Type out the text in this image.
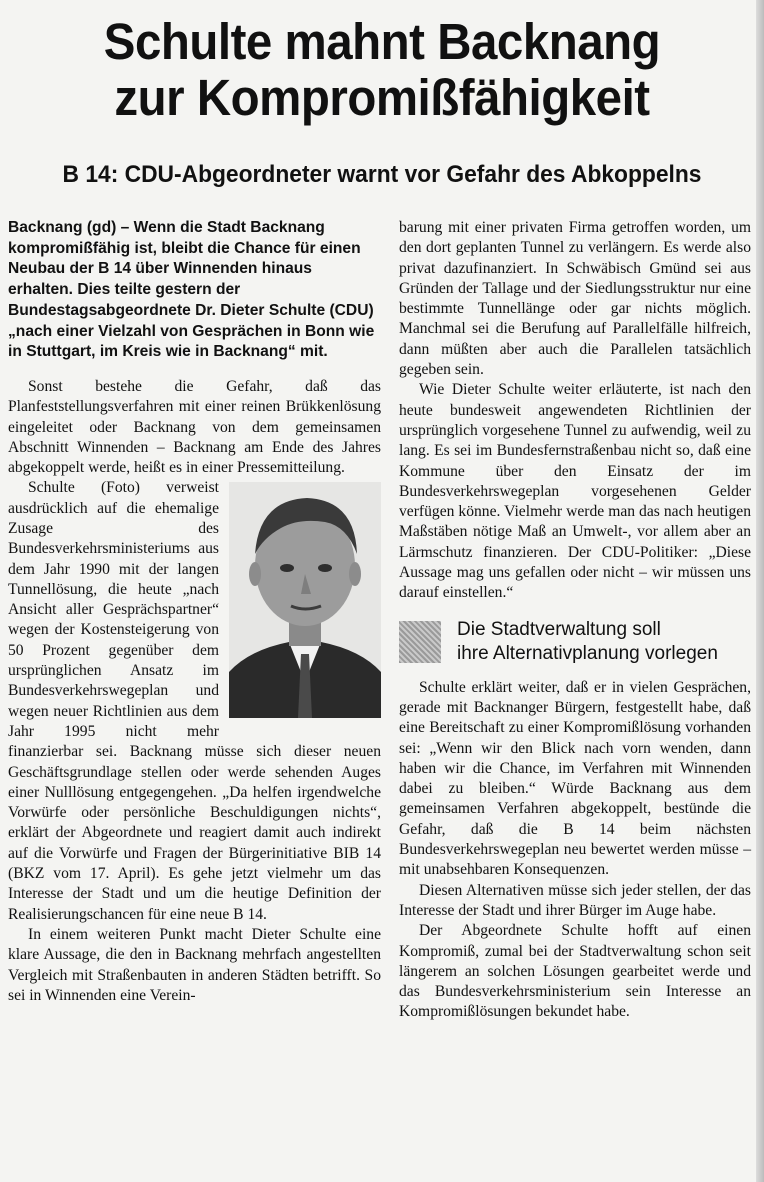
Schulte mahnt Backnang
zur Kompromißfähigkeit
B 14: CDU-Abgeordneter warnt vor Gefahr des Abkoppelns

Backnang (gd) – Wenn die Stadt Backnang kompromißfähig ist, bleibt die Chance für einen Neubau der B 14 über Winnenden hinaus erhalten. Dies teilte gestern der Bundestagsabgeordnete Dr. Dieter Schulte (CDU) „nach einer Vielzahl von Gesprächen in Bonn wie in Stuttgart, im Kreis wie in Backnang“ mit.

Sonst bestehe die Gefahr, daß das Planfeststellungsverfahren mit einer reinen Brükkenlösung eingeleitet oder Backnang von dem gemeinsamen Abschnitt Winnenden – Backnang am Ende des Jahres abgekoppelt werde, heißt es in einer Pressemitteilung.

Schulte (Foto) verweist ausdrücklich auf die ehemalige Zusage des Bundesverkehrsministeriums aus dem Jahr 1990 mit der langen Tunnellösung, die heute „nach Ansicht aller Gesprächspartner“ wegen der Kostensteigerung von 50 Prozent gegenüber dem ursprünglichen Ansatz im Bundesverkehrswegeplan und wegen neuer Richtlinien aus dem Jahr 1995 nicht mehr finanzierbar sei. Backnang müsse sich dieser neuen Geschäftsgrundlage stellen oder werde sehenden Auges einer Nulllösung entgegengehen. „Da helfen irgendwelche Vorwürfe oder persönliche Beschuldigungen nichts“, erklärt der Abgeordnete und reagiert damit auch indirekt auf die Vorwürfe und Fragen der Bürgerinitiative BIB 14 (BKZ vom 17. April). Es gehe jetzt vielmehr um das Interesse der Stadt und um die heutige Definition der Realisierungschancen für eine neue B 14.

In einem weiteren Punkt macht Dieter Schulte eine klare Aussage, die den in Backnang mehrfach angestellten Vergleich mit Straßenbauten in anderen Städten betrifft. So sei in Winnenden eine Verein-

barung mit einer privaten Firma getroffen worden, um den dort geplanten Tunnel zu verlängern. Es werde also privat dazufinanziert. In Schwäbisch Gmünd sei aus Gründen der Tallage und der Siedlungsstruktur nur eine bestimmte Tunnellänge oder gar nichts möglich. Manchmal sei die Berufung auf Parallelfälle hilfreich, dann müßten aber auch die Parallelen tatsächlich gegeben sein.

Wie Dieter Schulte weiter erläuterte, ist nach den heute bundesweit angewendeten Richtlinien der ursprünglich vorgesehene Tunnel zu aufwendig, weil zu lang. Es sei im Bundesfernstraßenbau nicht so, daß eine Kommune über den Einsatz der im Bundesverkehrswegeplan vorgesehenen Gelder verfügen könne. Vielmehr werde man das nach heutigen Maßstäben nötige Maß an Umwelt-, vor allem aber an Lärmschutz finanzieren. Der CDU-Politiker: „Diese Aussage mag uns gefallen oder nicht – wir müssen uns darauf einstellen.“

Die Stadtverwaltung soll
ihre Alternativplanung vorlegen

Schulte erklärt weiter, daß er in vielen Gesprächen, gerade mit Backnanger Bürgern, festgestellt habe, daß eine Bereitschaft zu einer Kompromißlösung vorhanden sei: „Wenn wir den Blick nach vorn wenden, dann haben wir die Chance, im Verfahren mit Winnenden dabei zu bleiben.“ Würde Backnang aus dem gemeinsamen Verfahren abgekoppelt, bestünde die Gefahr, daß die B 14 beim nächsten Bundesverkehrswegeplan neu bewertet werden müsse – mit unabsehbaren Konsequenzen.

Diesen Alternativen müsse sich jeder stellen, der das Interesse der Stadt und ihrer Bürger im Auge habe.

Der Abgeordnete Schulte hofft auf einen Kompromiß, zumal bei der Stadtverwaltung schon seit längerem an solchen Lösungen gearbeitet werde und das Bundesverkehrsministerium sein Interesse an Kompromißlösungen bekundet habe.
